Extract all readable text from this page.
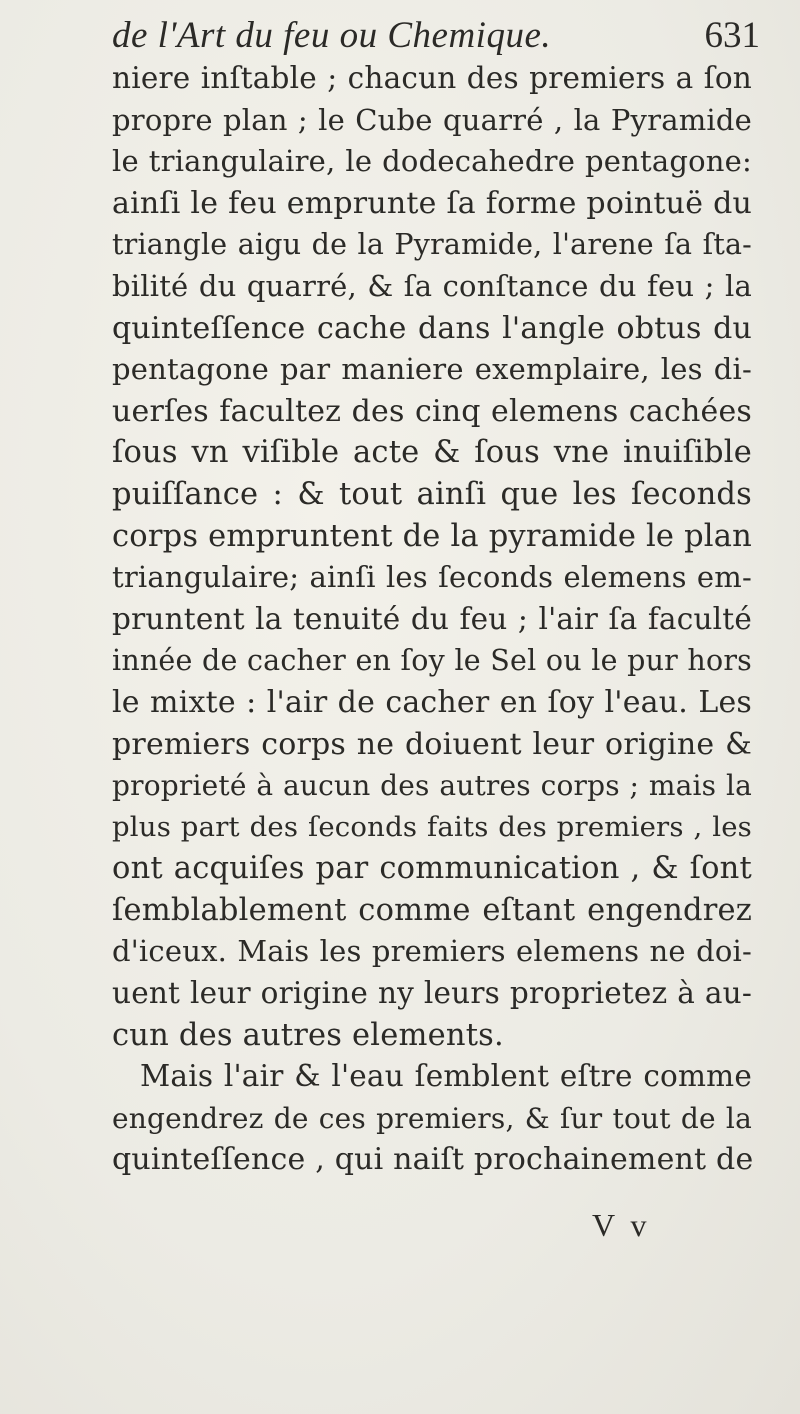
de l'Art du feu ou Chemique.	631
niere inſtable ; chacun des premiers a ſon
propre plan ; le Cube quarré , la Pyramide
le triangulaire, le dodecahedre pentagone:
ainſi le feu emprunte ſa forme pointuë du
triangle aigu de la Pyramide, l'arene ſa ſta-
bilité du quarré, & ſa conſtance du feu ; la
quinteſſence cache dans l'angle obtus du
pentagone par maniere exemplaire, les di-
uerſes facultez des cinq elemens cachées
ſous vn viſible acte & ſous vne inuiſible
puiſſance : & tout ainſi que les ſeconds
corps empruntent de la pyramide le plan
triangulaire; ainſi les ſeconds elemens em-
pruntent la tenuité du feu ; l'air ſa faculté
innée de cacher en ſoy le Sel ou le pur hors
le mixte : l'air de cacher en ſoy l'eau. Les
premiers corps ne doiuent leur origine &
proprieté à aucun des autres corps ; mais la
plus part des ſeconds faits des premiers , les
ont acquiſes par communication , & ſont
ſemblablement comme eſtant engendrez
d'iceux. Mais les premiers elemens ne doi-
uent leur origine ny leurs proprietez à au-
cun des autres elements.
Mais l'air & l'eau ſemblent eſtre comme
engendrez de ces premiers, & ſur tout de la
quinteſſence , qui naiſt prochainement de
V v
